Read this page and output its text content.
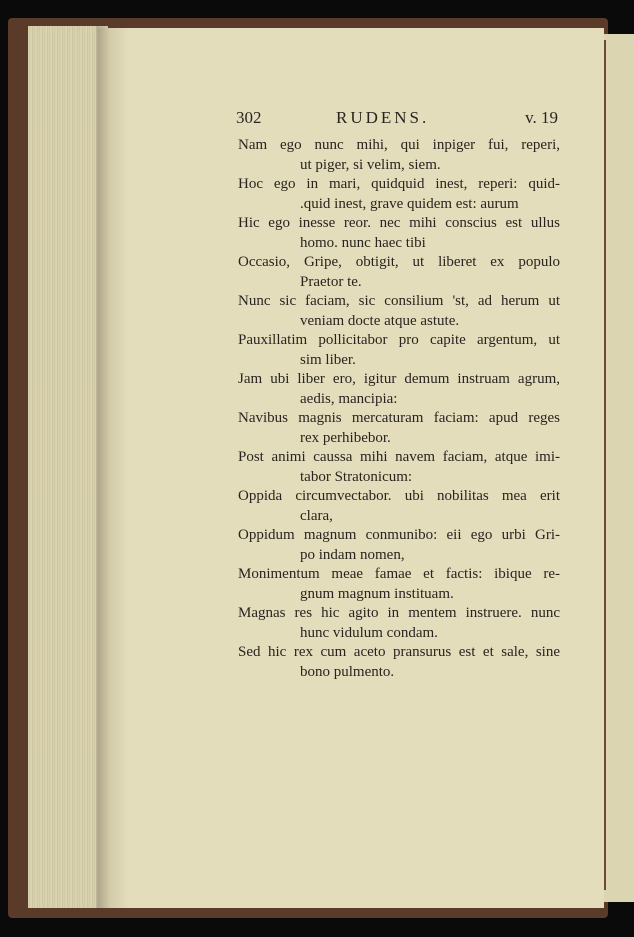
302	RUDENS.	v. 19
Nam ego nunc mihi, qui inpiger fui, reperi,
ut piger, si velim, siem.
Hoc ego in mari, quidquid inest, reperi: quid-
.quid inest, grave quidem est: aurum
Hic ego inesse reor. nec mihi conscius est ullus
homo. nunc haec tibi
Occasio, Gripe, obtigit, ut liberet ex populo
Praetor te.
Nunc sic faciam, sic consilium 'st, ad herum ut
veniam docte atque astute.
Pauxillatim pollicitabor pro capite argentum, ut
sim liber.
Jam ubi liber ero, igitur demum instruam agrum,
aedis, mancipia:
Navibus magnis mercaturam faciam: apud reges
rex perhibebor.
Post animi caussa mihi navem faciam, atque imi-
tabor Stratonicum:
Oppida circumvectabor. ubi nobilitas mea erit
clara,
Oppidum magnum conmunibo: eii ego urbi Gri-
po indam nomen,
Monimentum meae famae et factis: ibique re-
gnum magnum instituam.
Magnas res hic agito in mentem instruere. nunc
hunc vidulum condam.
Sed hic rex cum aceto pransurus est et sale, sine
bono pulmento.
